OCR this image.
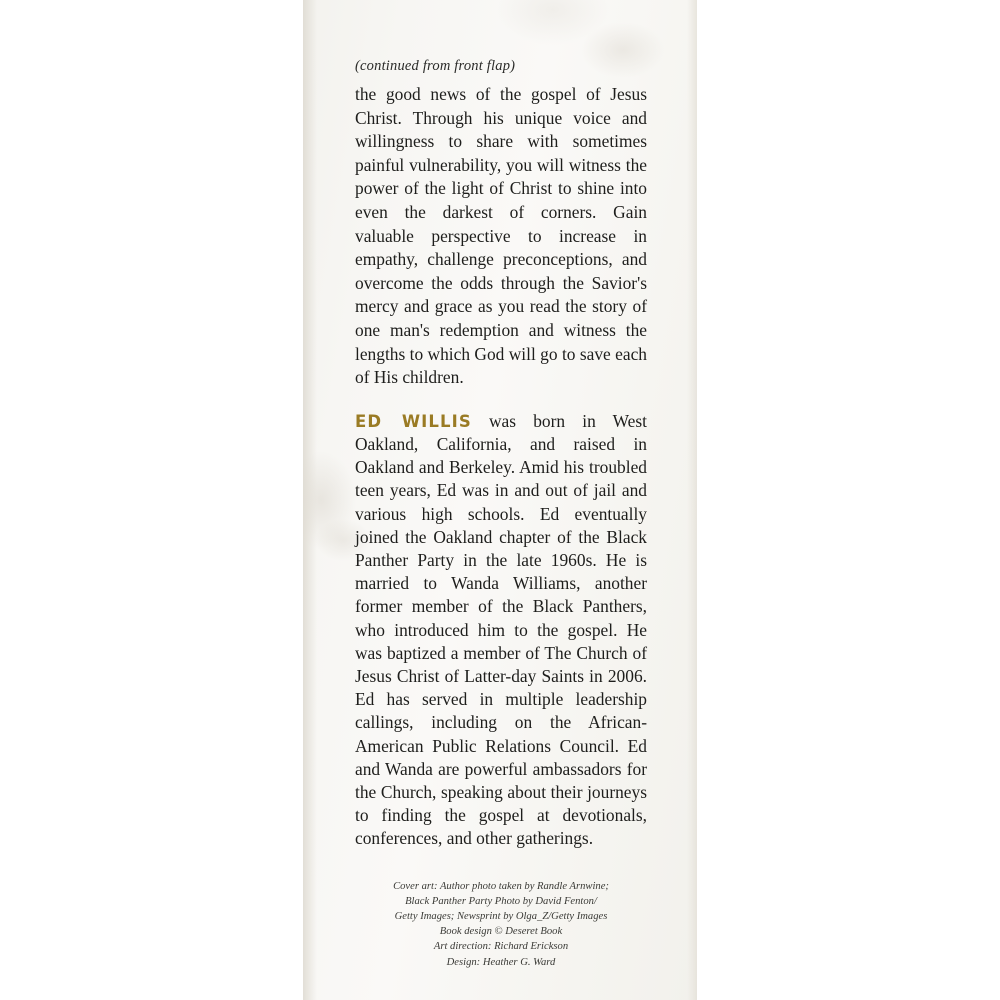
(continued from front flap)

the good news of the gospel of Jesus Christ. Through his unique voice and willingness to share with sometimes painful vulnerability, you will witness the power of the light of Christ to shine into even the darkest of corners. Gain valuable perspective to increase in empathy, challenge preconceptions, and overcome the odds through the Savior's mercy and grace as you read the story of one man's redemption and witness the lengths to which God will go to save each of His children.

ED WILLIS was born in West Oakland, California, and raised in Oakland and Berkeley. Amid his troubled teen years, Ed was in and out of jail and various high schools. Ed eventually joined the Oakland chapter of the Black Panther Party in the late 1960s. He is married to Wanda Williams, another former member of the Black Panthers, who introduced him to the gospel. He was baptized a member of The Church of Jesus Christ of Latter-day Saints in 2006. Ed has served in multiple leadership callings, including on the African-American Public Relations Council. Ed and Wanda are powerful ambassadors for the Church, speaking about their journeys to finding the gospel at devotionals, conferences, and other gatherings.

Cover art: Author photo taken by Randle Arnwine;
Black Panther Party Photo by David Fenton/
Getty Images; Newsprint by Olga_Z/Getty Images
Book design © Deseret Book
Art direction: Richard Erickson
Design: Heather G. Ward
